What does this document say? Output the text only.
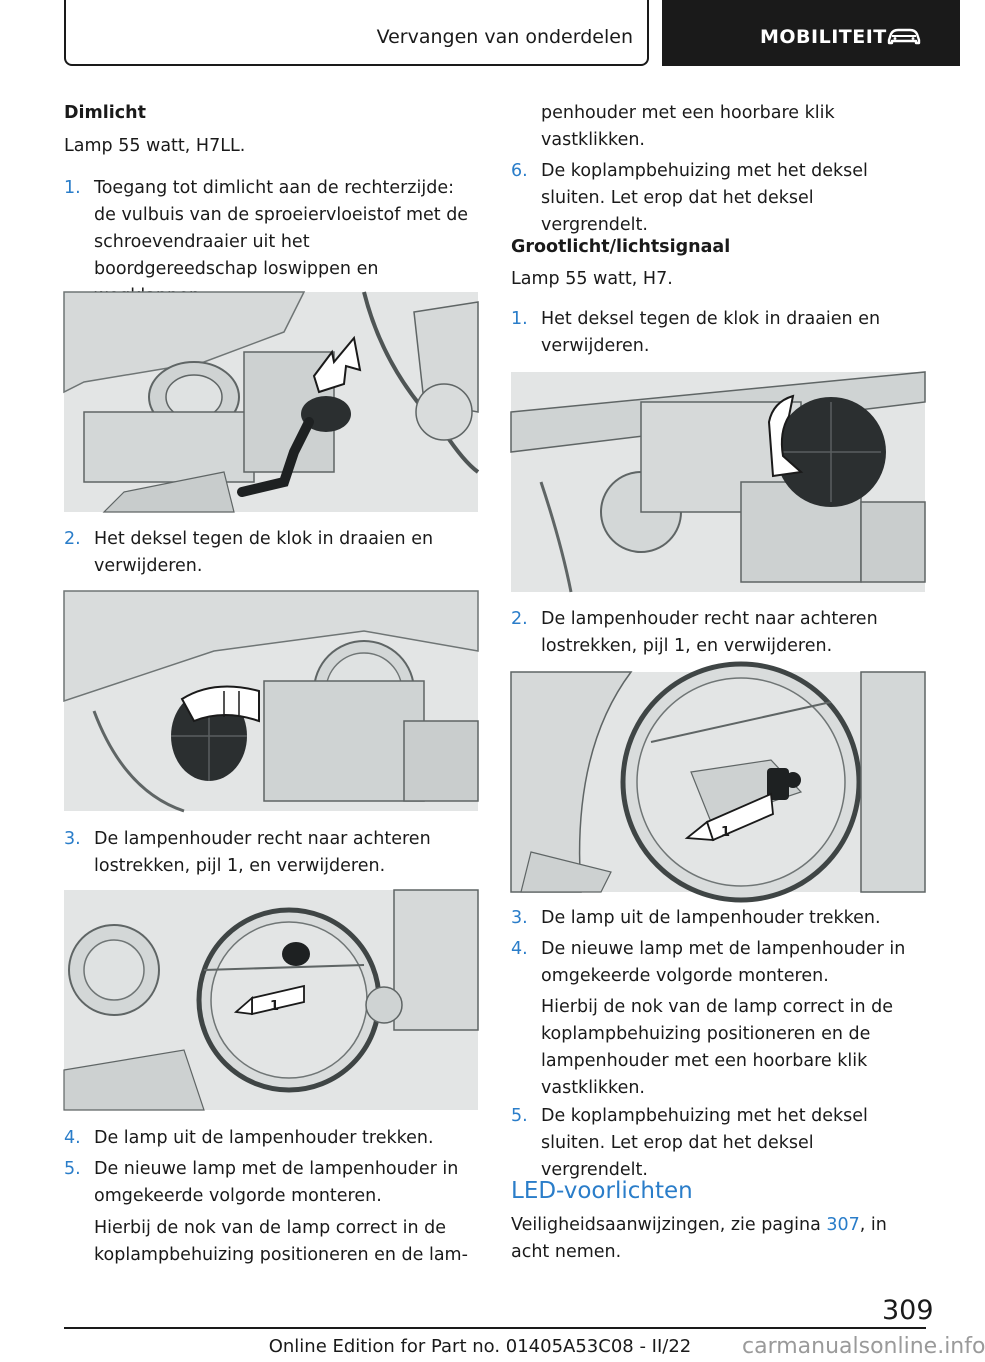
Vervangen van onderdelen	MOBILITEIT
Dimlicht
Lamp 55 watt, H7LL.
1. Toegang tot dimlicht aan de rechterzijde: de vulbuis van de sproeiervloeistof met de schroevendraaier uit het boordgereedschap loswippen en
2. Het deksel tegen de klok in draaien en verwijderen.
3. De lampenhouder recht naar achteren lostrekken, pijl 1, en verwijderen.
1
4. De lamp uit de lampenhouder trekken.
5. De nieuwe lamp met de lampenhouder in omgekeerde volgorde monteren.
Hierbij de nok van de lamp correct in de koplampbehuizing positioneren en de lam-
penhouder met een hoorbare klik vastklikken.
6. De koplampbehuizing met het deksel sluiten. Let erop dat het deksel vergrendelt.
Grootlicht/lichtsignaal
Lamp 55 watt, H7.
1. Het deksel tegen de klok in draaien en verwijderen.
2. De lampenhouder recht naar achteren lostrekken, pijl 1, en verwijderen.
1
3. De lamp uit de lampenhouder trekken.
4. De nieuwe lamp met de lampenhouder in omgekeerde volgorde monteren.
Hierbij de nok van de lamp correct in de koplampbehuizing positioneren en de lampenhouder met een hoorbare klik vastklikken.
5. De koplampbehuizing met het deksel sluiten. Let erop dat het deksel vergrendelt.
LED-voorlichten
Veiligheidsaanwijzingen, zie pagina 307, in acht nemen.
309
Online Edition for Part no. 01405A53C08 - II/22	carmanualsonline.info
